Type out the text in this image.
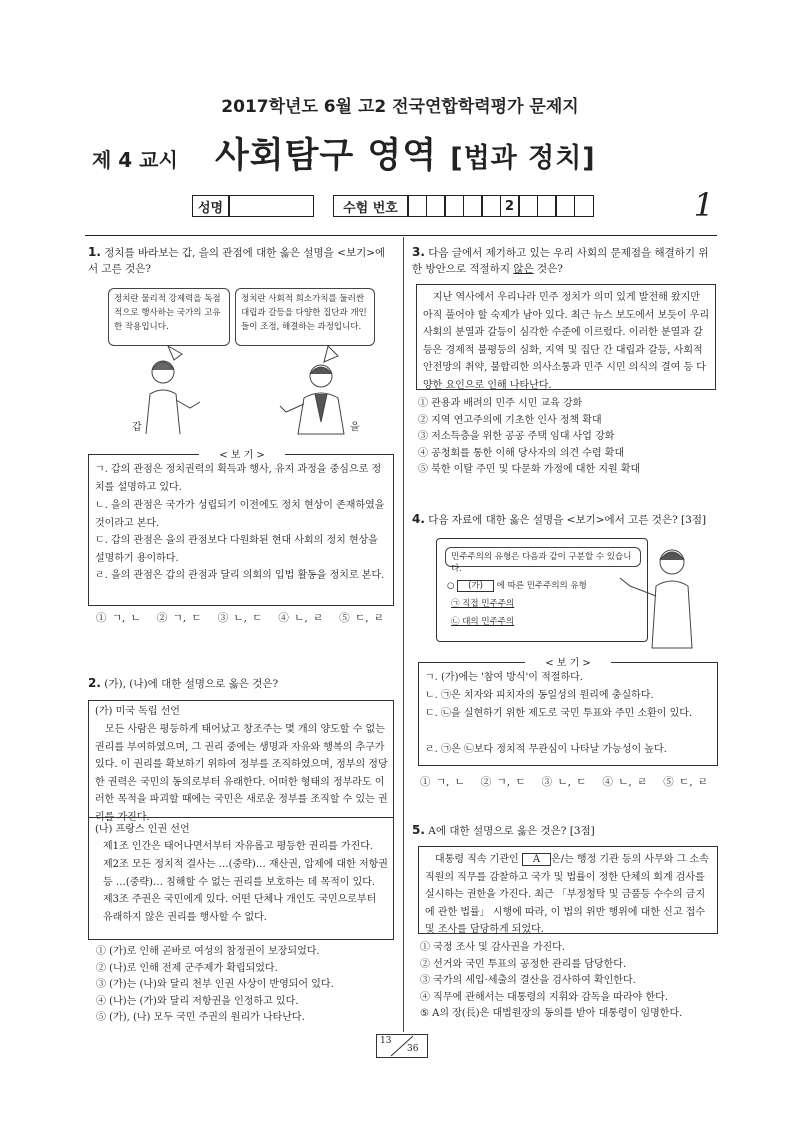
2017학년도 6월 고2 전국연합학력평가 문제지
제 4 교시 사회탐구 영역 [법과 정치]
1
성명	수험 번호	2
1. 정치를 바라보는 갑, 을의 관점에 대한 옳은 설명을 <보기>에서 고른 것은?
정치란 물리적 강제력을 독점적으로 행사하는 국가의 고유한 작용입니다.
정치란 사회적 희소가치를 둘러싼 대립과 갈등을 다양한 집단과 개인들이 조정, 해결하는 과정입니다.
갑	을
< 보 기 >
ㄱ. 갑의 관점은 정치권력의 획득과 행사, 유지 과정을 중심으로 정치를 설명하고 있다.
ㄴ. 을의 관점은 국가가 성립되기 이전에도 정치 현상이 존재하였을 것이라고 본다.
ㄷ. 갑의 관점은 을의 관점보다 다원화된 현대 사회의 정치 현상을 설명하기 용이하다.
ㄹ. 을의 관점은 갑의 관점과 달리 의회의 입법 활동을 정치로 본다.
① ㄱ, ㄴ   ② ㄱ, ㄷ   ③ ㄴ, ㄷ   ④ ㄴ, ㄹ   ⑤ ㄷ, ㄹ
2. (가), (나)에 대한 설명으로 옳은 것은?
(가) 미국 독립 선언
모든 사람은 평등하게 태어났고 창조주는 몇 개의 양도할 수 없는 권리를 부여하였으며, 그 권리 중에는 생명과 자유와 행복의 추구가 있다. 이 권리를 확보하기 위하여 정부를 조직하였으며, 정부의 정당한 권력은 국민의 동의로부터 유래한다. 어떠한 형태의 정부라도 이러한 목적을 파괴할 때에는 국민은 새로운 정부를 조직할 수 있는 권리를 가진다.
(나) 프랑스 인권 선언
제1조 인간은 태어나면서부터 자유롭고 평등한 권리를 가진다.
제2조 모든 정치적 결사는 …(중략)… 재산권, 압제에 대한 저항권 등 …(중략)… 침해할 수 없는 권리를 보호하는 데 목적이 있다.
제3조 주권은 국민에게 있다. 어떤 단체나 개인도 국민으로부터 유래하지 않은 권리를 행사할 수 없다.
① (가)로 인해 곧바로 여성의 참정권이 보장되었다.
② (나)로 인해 전제 군주제가 확립되었다.
③ (가)는 (나)와 달리 천부 인권 사상이 반영되어 있다.
④ (나)는 (가)와 달리 저항권을 인정하고 있다.
⑤ (가), (나) 모두 국민 주권의 원리가 나타난다.
3. 다음 글에서 제기하고 있는 우리 사회의 문제점을 해결하기 위한 방안으로 적절하지 않은 것은?
지난 역사에서 우리나라 민주 정치가 의미 있게 발전해 왔지만 아직 풀어야 할 숙제가 남아 있다. 최근 뉴스 보도에서 보듯이 우리 사회의 분열과 갈등이 심각한 수준에 이르렀다. 이러한 분열과 갈등은 경제적 불평등의 심화, 지역 및 집단 간 대립과 갈등, 사회적 안전망의 취약, 불합리한 의사소통과 민주 시민 의식의 결여 등 다양한 요인으로 인해 나타난다.
① 관용과 배려의 민주 시민 교육 강화
② 지역 연고주의에 기초한 인사 정책 확대
③ 저소득층을 위한 공공 주택 임대 사업 강화
④ 공청회를 통한 이해 당사자의 의견 수렴 확대
⑤ 북한 이탈 주민 및 다문화 가정에 대한 지원 확대
4. 다음 자료에 대한 옳은 설명을 <보기>에서 고른 것은? [3점]
민주주의의 유형은 다음과 같이 구분할 수 있습니다.
○ (가) 에 따른 민주주의의 유형
㉠ 직접 민주주의
㉡ 대의 민주주의
< 보 기 >
ㄱ. (가)에는 '참여 방식'이 적절하다.
ㄴ. ㉠은 치자와 피치자의 동일성의 원리에 충실하다.
ㄷ. ㉡을 실현하기 위한 제도로 국민 투표와 주민 소환이 있다.
ㄹ. ㉠은 ㉡보다 정치적 무관심이 나타날 가능성이 높다.
① ㄱ, ㄴ   ② ㄱ, ㄷ   ③ ㄴ, ㄷ   ④ ㄴ, ㄹ   ⑤ ㄷ, ㄹ
5. A에 대한 설명으로 옳은 것은? [3점]
대통령 직속 기관인 A 은/는 행정 기관 등의 사무와 그 소속 직원의 직무를 감찰하고 국가 및 법률이 정한 단체의 회계 검사를 실시하는 권한을 가진다. 최근 「부정청탁 및 금품등 수수의 금지에 관한 법률」 시행에 따라, 이 법의 위반 행위에 대한 신고 접수 및 조사를 담당하게 되었다.
① 국정 조사 및 감사권을 가진다.
② 선거와 국민 투표의 공정한 관리를 담당한다.
③ 국가의 세입·세출의 결산을 검사하여 확인한다.
④ 직무에 관해서는 대통령의 지휘와 감독을 따라야 한다.
⑤ A의 장(長)은 대법원장의 동의를 받아 대통령이 임명한다.
13
36
